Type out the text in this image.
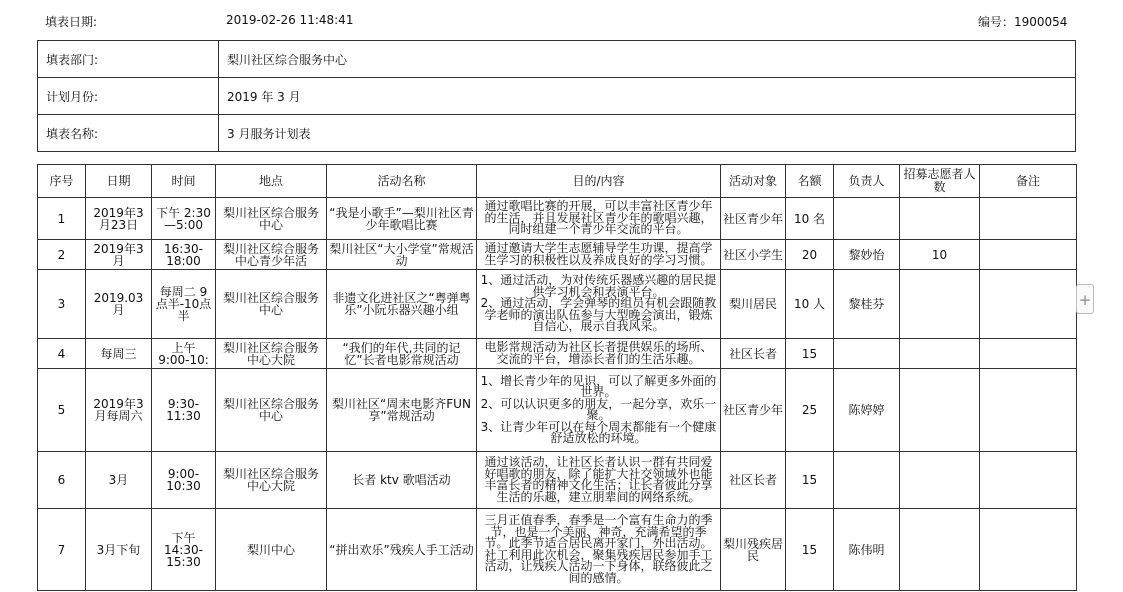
填表日期:	2019-02-26 11:48:41	编号：1900054
填表部门:	梨川社区综合服务中心
计划月份:	2019 年 3 月
填表名称:	3 月服务计划表
序号	日期	时间	地点	活动名称	目的/内容	活动对象	名额	负责人	招募志愿者人数	备注
1	2019年3月23日	下午 2:30—5:00	梨川社区综合服务中心	“我是小歌手”—梨川社区青少年歌唱比赛	通过歌唱比赛的开展，可以丰富社区青少年的生活，并且发展社区青少年的歌唱兴趣，同时组建一个青少年交流的平台。	社区青少年	10 名			
2	2019年3月	16:30-18:00	梨川社区综合服务中心青少年活	梨川社区“大小学堂”常规活动	通过邀请大学生志愿辅导学生功课，提高学生学习的积极性以及养成良好的学习习惯。	社区小学生	20	黎妙怡	10	
3	2019.03月	每周二 9点半-10点半	梨川社区综合服务中心	非遗文化进社区之“粤弹粤乐”小阮乐器兴趣小组	1、通过活动，为对传统乐器感兴趣的居民提供学习机会和表演平台。
2、通过活动，学会弹琴的组员有机会跟随教学老师的演出队伍参与大型晚会演出，锻炼自信心，展示自我风采。	梨川居民	10 人	黎桂芬		
4	每周三	上午 9:00-10:	梨川社区综合服务中心大院	“我们的年代,共同的记忆”长者电影常规活动	电影常规活动为社区长者提供娱乐的场所、交流的平台，增添长者们的生活乐趣。	社区长者	15			
5	2019年3月每周六	9:30-11:30	梨川社区综合服务中心	梨川社区“周末电影齐FUN 享”常规活动	1、增长青少年的见识，可以了解更多外面的世界。
2、可以认识更多的朋友，一起分享，欢乐一聚。
3、让青少年可以在每个周末都能有一个健康舒适放松的环境。	社区青少年	25	陈婷婷		
6	3月	9:00-10:30	梨川社区综合服务中心大院	长者 ktv 歌唱活动	通过该活动，让社区长者认识一群有共同爱好唱歌的朋友，除了能扩大社交领域外也能丰富长者的精神文化生活；让长者彼此分享生活的乐趣，建立朋辈间的网络系统。	社区长者	15			
7	3月下旬	下午 14:30-15:30	梨川中心	“拼出欢乐”残疾人手工活动	三月正值春季，春季是一个富有生命力的季节，也是一个美丽、神奇，充满希望的季节。此季节适合居民离开家门，外出活动。社工利用此次机会，聚集残疾居民参加手工活动，让残疾人活动一下身体，联络彼此之间的感情。	梨川残疾居民	15	陈伟明		
+
